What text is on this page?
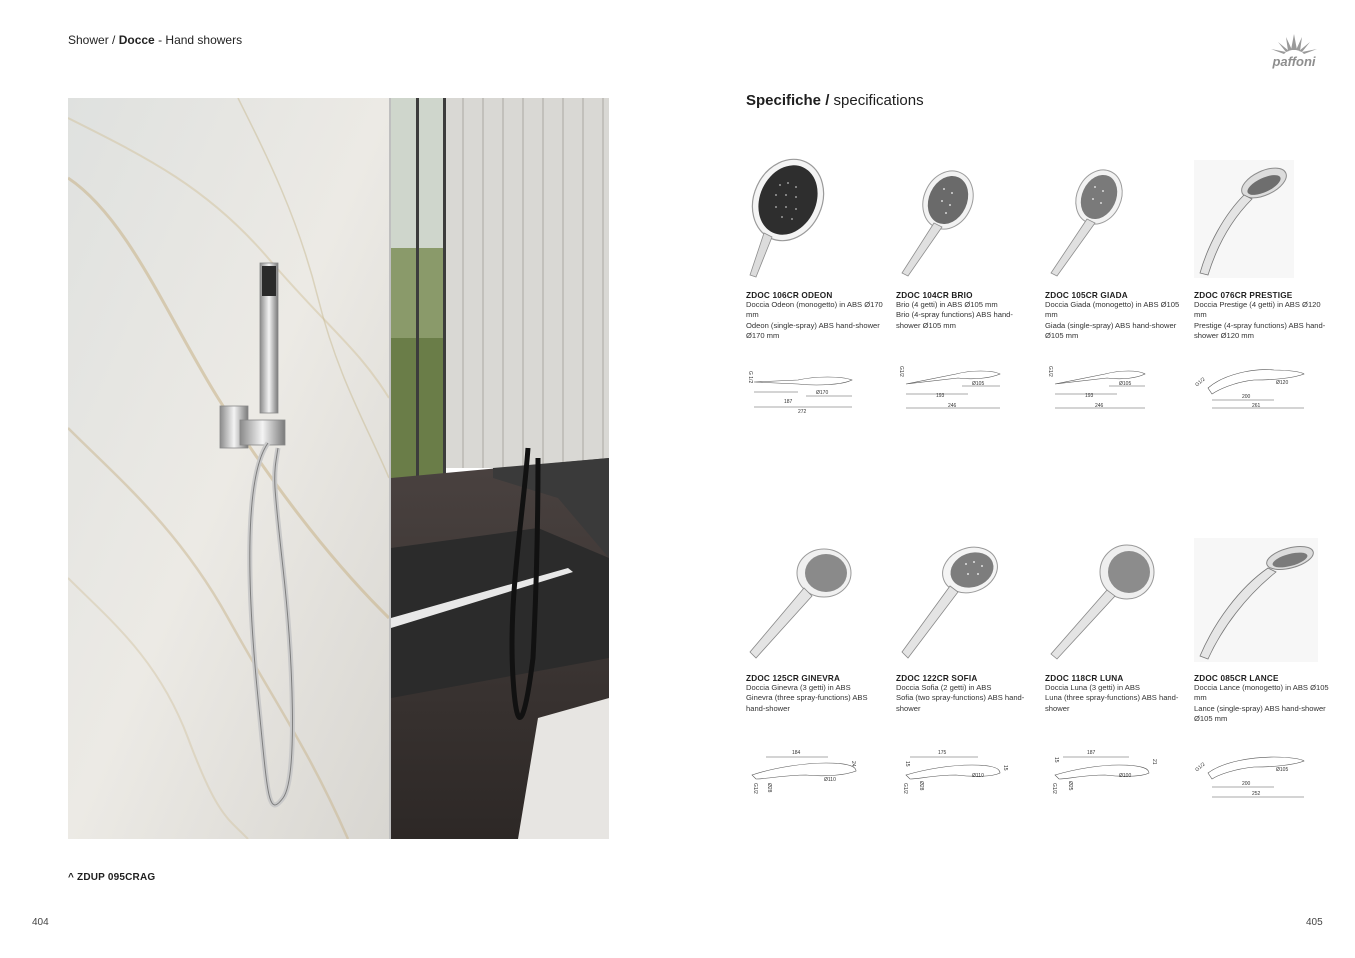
Shower / Docce - Hand showers
paffoni
^ ZDUP 095CRAG
404	405
Specifiche / specifications
ZDOC 106CR ODEON
Doccia Odeon (monogetto) in ABS Ø170 mm
Odeon (single-spray) ABS hand-shower Ø170 mm
ZDOC 104CR BRIO
Brio (4 getti) in ABS Ø105 mm
Brio (4-spray functions) ABS hand-shower Ø105 mm
ZDOC 105CR GIADA
Doccia Giada (monogetto) in ABS Ø105 mm
Giada (single-spray) ABS hand-shower Ø105 mm
ZDOC 076CR PRESTIGE
Doccia Prestige (4 getti) in ABS Ø120 mm
Prestige (4-spray functions) ABS hand-shower Ø120 mm
ZDOC 125CR GINEVRA
Doccia Ginevra (3 getti) in ABS
Ginevra (three spray-functions) ABS hand-shower
ZDOC 122CR SOFIA
Doccia Sofia (2 getti) in ABS
Sofia (two spray-functions) ABS hand-shower
ZDOC 118CR LUNA
Doccia Luna (3 getti) in ABS
Luna (three spray-functions) ABS hand-shower
ZDOC 085CR LANCE
Doccia Lance (monogetto) in ABS Ø105 mm
Lance (single-spray) ABS hand-shower Ø105 mm
G 1/2
Ø170
187
272
G1/2
Ø105
193
246
G1/2
Ø105
193
246
G1/2	Ø120
200
261
184
Ø28
G1/2
Ø110
24
175
Ø28
G1/2
Ø110
15
15
187
Ø25
G1/2
Ø100
15	21	G1/2	Ø105
200
252
